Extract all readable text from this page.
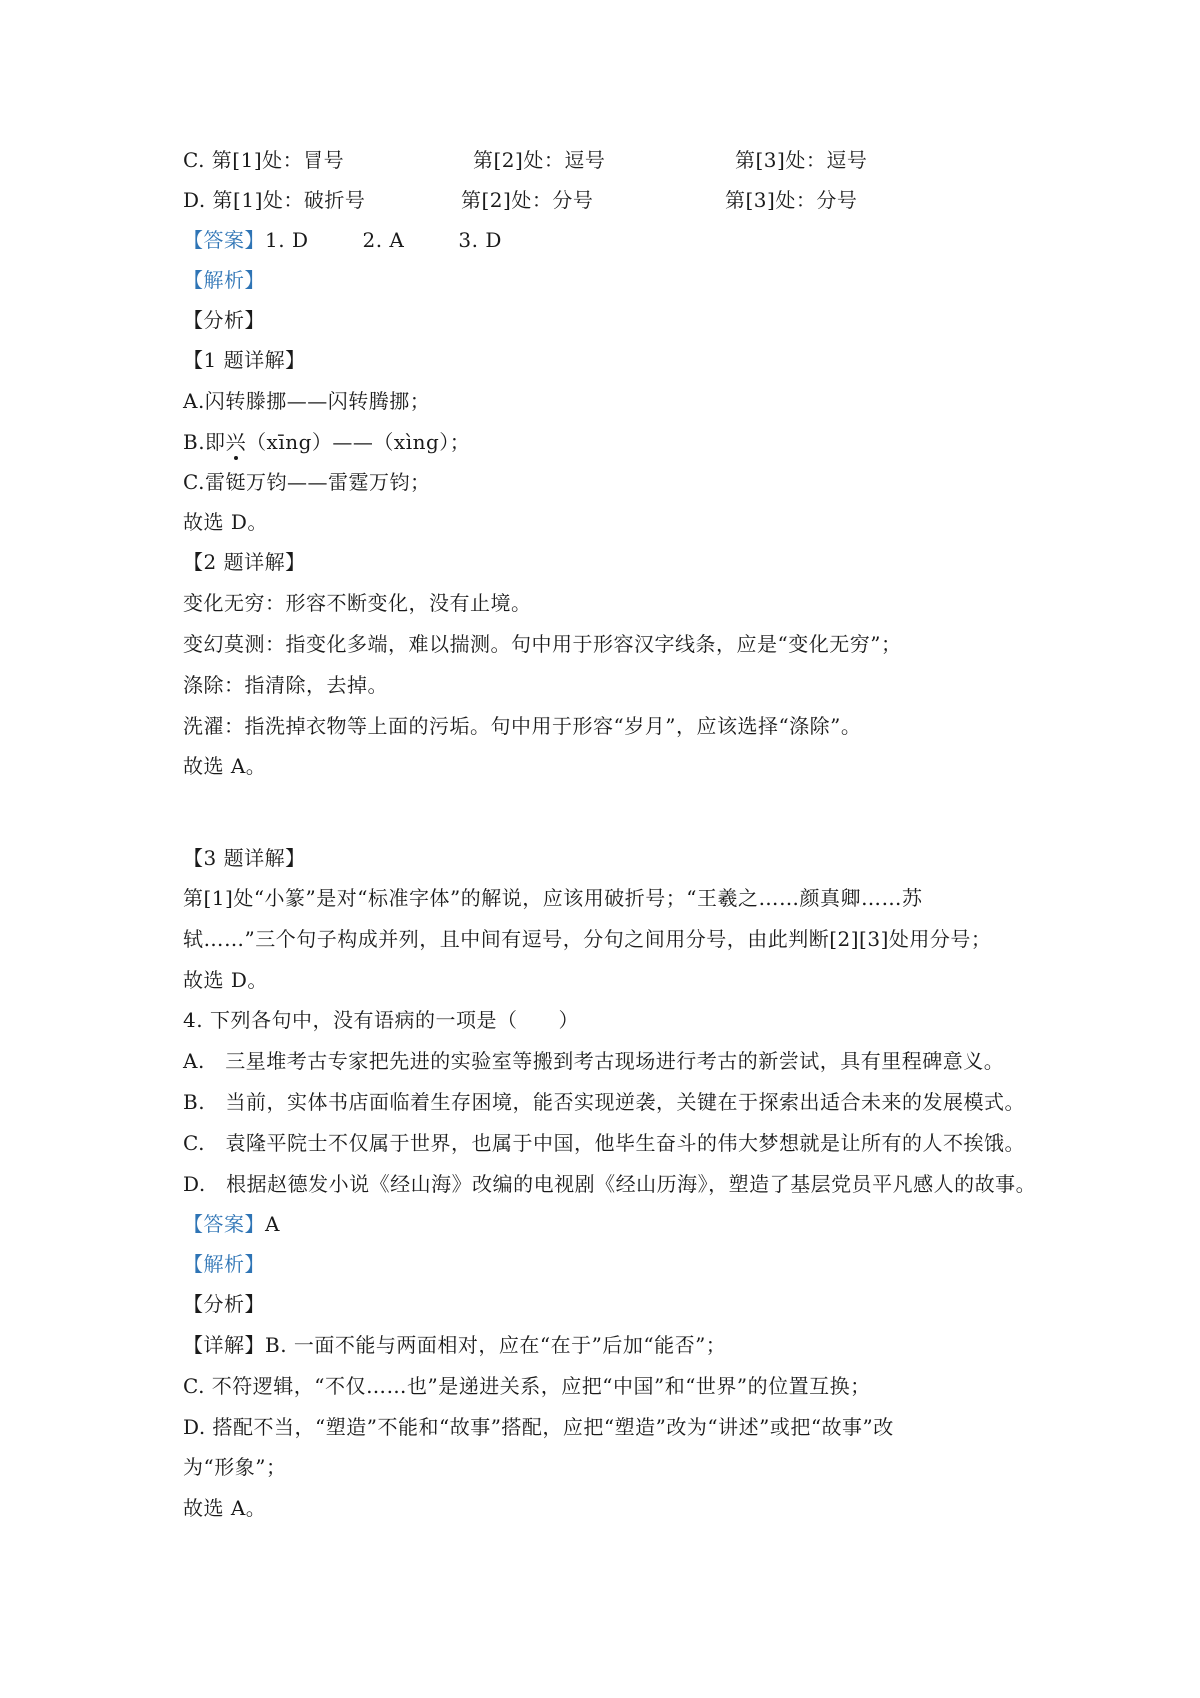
C. 第[1]处：冒号	第[2]处：逗号	第[3]处：逗号
D. 第[1]处：破折号	第[2]处：分号	第[3]处：分号
【答案】1. D	2. A	3. D
【解析】
【分析】
【1 题详解】
A.闪转滕挪——闪转腾挪；
B.即兴（xīng）——（xìng）；
C.雷铤万钧——雷霆万钧；
故选 D。
【2 题详解】
变化无穷：形容不断变化，没有止境。
变幻莫测：指变化多端，难以揣测。句中用于形容汉字线条，应是“变化无穷”；
涤除：指清除，去掉。
洗濯：指洗掉衣物等上面的污垢。句中用于形容“岁月”，应该选择“涤除”。
故选 A。
【3 题详解】
第[1]处“小篆”是对“标准字体”的解说，应该用破折号；“王羲之……颜真卿……苏
轼……”三个句子构成并列，且中间有逗号，分句之间用分号，由此判断[2][3]处用分号；
故选 D。
4. 下列各句中，没有语病的一项是（　　）
A.　三星堆考古专家把先进的实验室等搬到考古现场进行考古的新尝试，具有里程碑意义。
B.　当前，实体书店面临着生存困境，能否实现逆袭，关键在于探索出适合未来的发展模式。
C.　袁隆平院士不仅属于世界，也属于中国，他毕生奋斗的伟大梦想就是让所有的人不挨饿。
D.　根据赵德发小说《经山海》改编的电视剧《经山历海》，塑造了基层党员平凡感人的故事。
【答案】A
【解析】
【分析】
【详解】B. 一面不能与两面相对，应在“在于”后加“能否”；
C. 不符逻辑，“不仅……也”是递进关系，应把“中国”和“世界”的位置互换；
D. 搭配不当，“塑造”不能和“故事”搭配，应把“塑造”改为“讲述”或把“故事”改
为“形象”；
故选 A。
